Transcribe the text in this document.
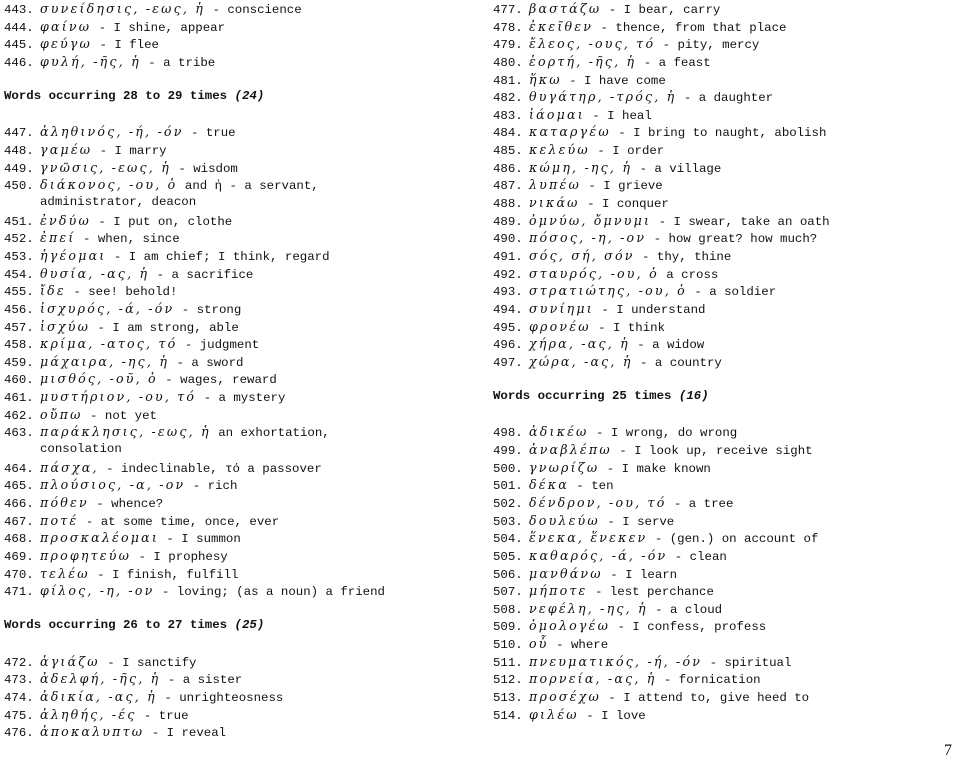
443. συνείδησις, -εως, ἡ - conscience
444. φαίνω - I shine, appear
445. φεύγω - I flee
446. φυλή, -ῆς, ἡ - a tribe
Words occurring 28 to 29 times (24)
447. ἀληθινός, -ή, -όν - true
448. γαμέω - I marry
449. γνῶσις, -εως, ἡ - wisdom
450. διάκονος, -ου, ὁ and ἡ - a servant,
administrator, deacon
451. ἐνδύω - I put on, clothe
452. ἐπεί - when, since
453. ἡγέομαι - I am chief; I think, regard
454. θυσία, -ας, ἡ - a sacrifice
455. ἴδε - see! behold!
456. ἰσχυρός, -ά, -όν - strong
457. ἰσχύω - I am strong, able
458. κρίμα, -ατος, τό - judgment
459. μάχαιρα, -ης, ἡ - a sword
460. μισθός, -οῦ, ὁ - wages, reward
461. μυστήριον, -ου, τό - a mystery
462. οὔπω - not yet
463. παράκλησις, -εως, ἡ an exhortation,
consolation
464. πάσχα, - indeclinable, τό a passover
465. πλούσιος, -α, -ον - rich
466. πόθεν - whence?
467. ποτέ - at some time, once, ever
468. προσκαλέομαι - I summon
469. προφητεύω - I prophesy
470. τελέω - I finish, fulfill
471. φίλος, -η, -ον - loving; (as a noun) a friend
Words occurring 26 to 27 times (25)
472. ἁγιάζω - I sanctify
473. ἀδελφή, -ῆς, ἡ - a sister
474. ἀδικία, -ας, ἡ - unrighteosness
475. ἀληθής, -ές - true
476. ἀποκαλυπτω - I reveal
477. βαστάζω - I bear, carry
478. ἐκεῖθεν - thence, from that place
479. ἔλεος, -ους, τό - pity, mercy
480. ἑορτή, -ῆς, ἡ - a feast
481. ἥκω - I have come
482. θυγάτηρ, -τρός, ἡ - a daughter
483. ἰάομαι - I heal
484. καταργέω - I bring to naught, abolish
485. κελεύω - I order
486. κώμη, -ης, ἡ - a village
487. λυπέω - I grieve
488. νικάω - I conquer
489. ὀμνύω, ὄμνυμι - I swear, take an oath
490. πόσος, -η, -ον - how great? how much?
491. σός, σή, σόν - thy, thine
492. σταυρός, -ου, ὁ a cross
493. στρατιώτης, -ου, ὁ - a soldier
494. συνίημι - I understand
495. φρονέω - I think
496. χήρα, -ας, ἡ - a widow
497. χώρα, -ας, ἡ - a country
Words occurring 25 times (16)
498. ἀδικέω - I wrong, do wrong
499. ἀναβλέπω - I look up, receive sight
500. γνωρίζω - I make known
501. δέκα - ten
502. δένδρον, -ου, τό - a tree
503. δουλεύω - I serve
504. ἕνεκα, ἕνεκεν - (gen.) on account of
505. καθαρός, -ά, -όν - clean
506. μανθάνω - I learn
507. μήποτε - lest perchance
508. νεφέλη, -ης, ἡ - a cloud
509. ὁμολογέω - I confess, profess
510. οὗ - where
511. πνευματικός, -ή, -όν - spiritual
512. πορνεία, -ας, ἡ - fornication
513. προσέχω - I attend to, give heed to
514. φιλέω - I love
7
